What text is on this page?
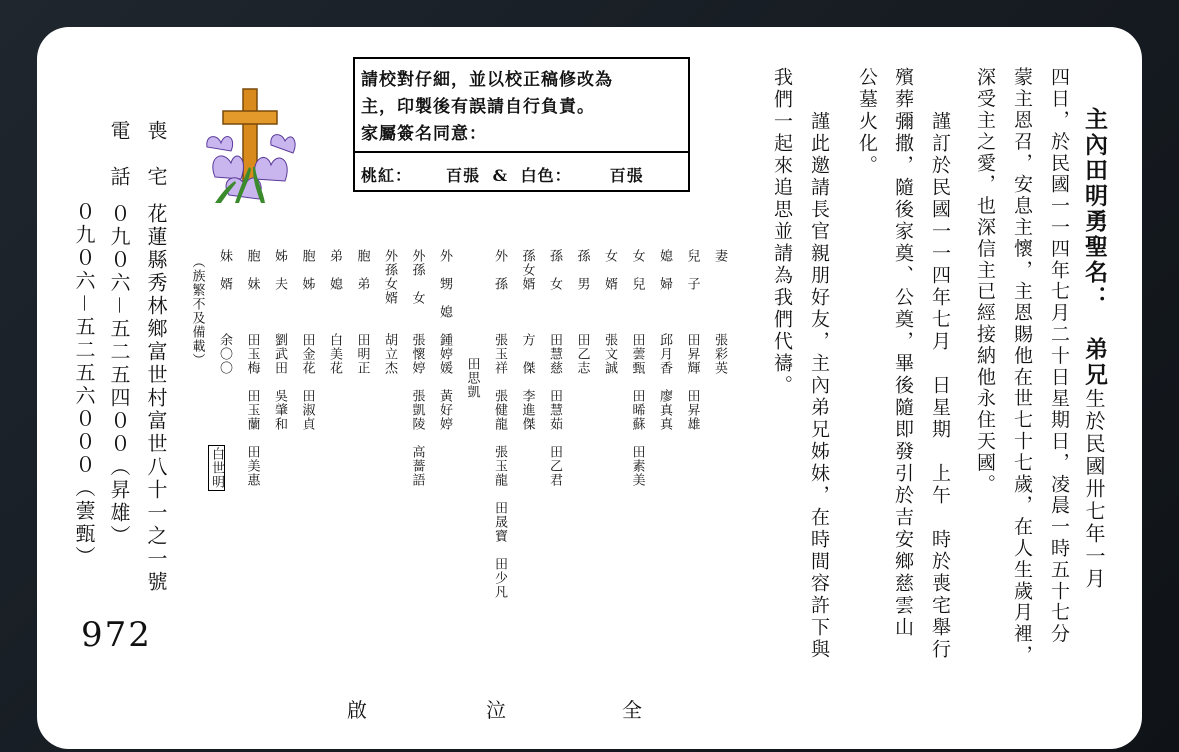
主內田明勇聖名：弟兄生於民國卅七年一月
四日，於民國一一四年七月二十日星期日，凌晨一時五十七分
蒙主恩召，安息主懷，主恩賜他在世七十七歲，在人生歲月裡，
深受主之愛，也深信主已經接納他永住天國。
謹訂於民國一一四年七月　日星期　上午　時於喪宅舉行
殯葬彌撒，隨後家奠、公奠，畢後隨即發引於吉安鄉慈雲山
公墓火化。
謹此邀請長官親朋好友，主內弟兄姊妹，在時間容許下與
我們一起來追思並請為我們代禱。
請校對仔細，並以校正稿修改為
主，印製後有誤請自行負責。
家屬簽名同意：
桃紅： 百張 & 白色： 百張
妻張彩英
兒　子田昇輝　田昇雄
媳　婦邱月香　廖真真
女　兒田蕓甄　田晞蘇　田素美
女　婿張文誠
孫　男田乙志
孫　女田慧慈　田慧茹　田乙君
孫女婿方　傑　李進傑
外　孫張玉祥　張健龍　張玉龍　田晟寶　田少凡
田思凱
外　甥　媳鍾婷媛　黃好婷
外孫　女張懷婷　張凱陵　高薔語
外孫女婿胡立杰
胞　弟田明正
弟　媳白美花
胞　姊田金花　田淑貞
姊　夫劉武田　吳肇和
胞　妹田玉梅　田玉蘭　田美惠
妹　婿余〇〇
（族繁不及備載）
白世明
全
泣
啟
喪　宅花蓮縣秀林鄉富世村富世八十一之一號
電　話０九０六－五二五四００（昇雄）
０九０六－五二五六０００（蕓甄）
972
